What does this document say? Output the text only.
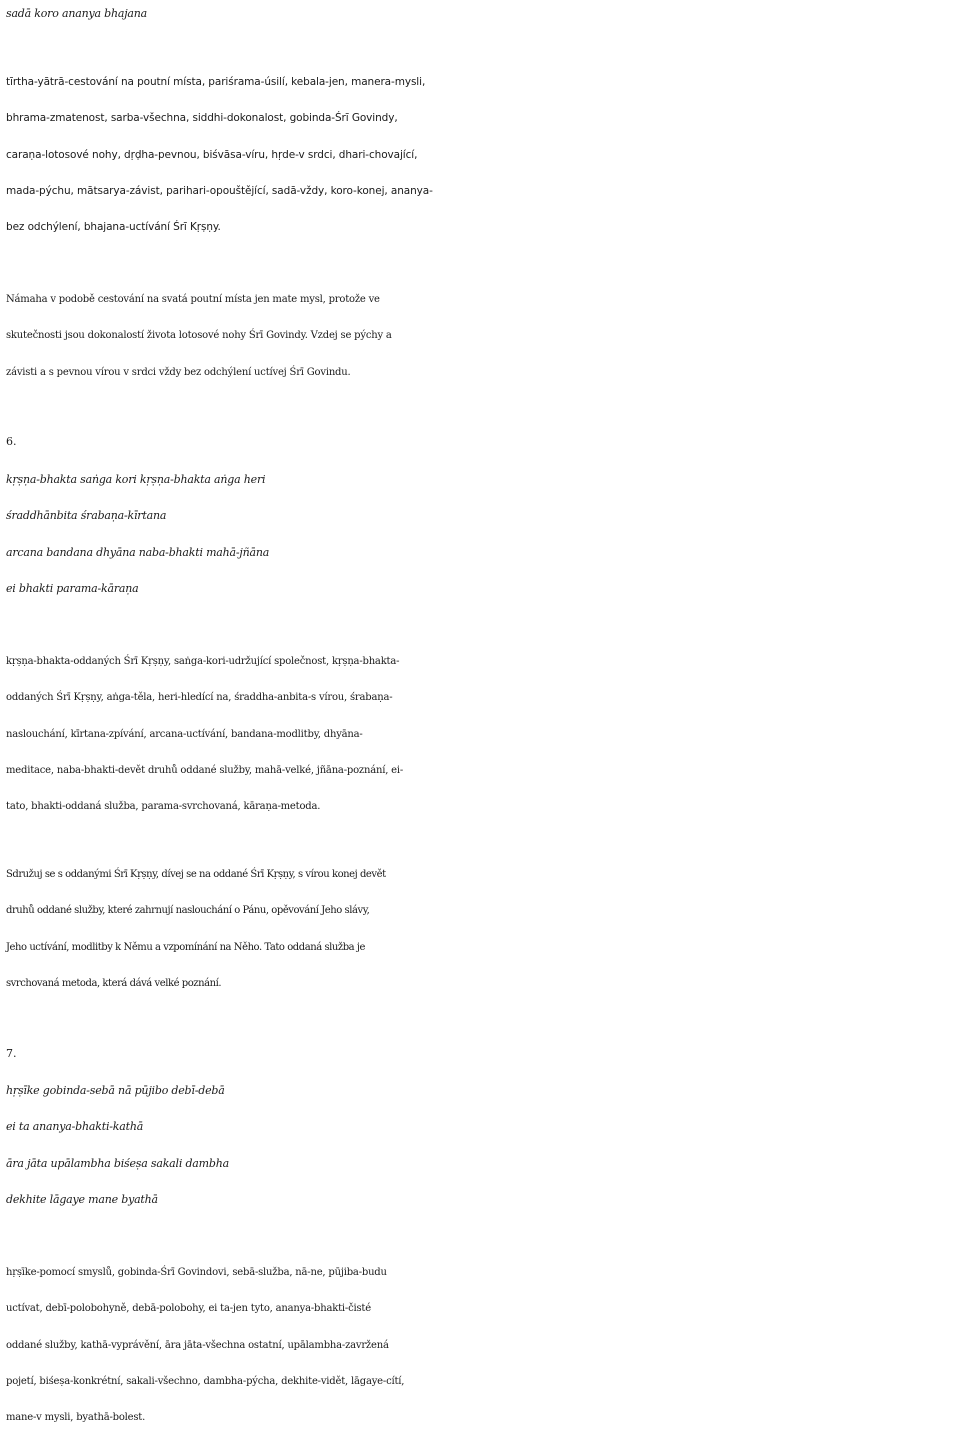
sadā koro ananya bhajana
tīrtha-yātrā-cestování na poutní místa, pariśrama-úsilí, kebala-jen, manera-mysli,
bhrama-zmatenost, sarba-všechna, siddhi-dokonalost, gobinda-Śrī Govindy,
caraṇa-lotosové nohy, dṛḍha-pevnou, biśvāsa-víru, hṛde-v srdci, dhari-chovající,
mada-pýchu, mātsarya-závist, parihari-opouštějící, sadā-vždy, koro-konej, ananya-
bez odchýlení, bhajana-uctívání Śrī Kṛṣṇy.
Námaha v podobě cestování na svatá poutní místa jen mate mysl, protože ve
skutečnosti jsou dokonalostí života lotosové nohy Śrī Govindy. Vzdej se pýchy a
závisti a s pevnou vírou v srdci vždy bez odchýlení uctívej Śrī Govindu.
6.
kṛṣṇa-bhakta saṅga kori kṛṣṇa-bhakta aṅga heri
śraddhānbita śrabaṇa-kīrtana
arcana bandana dhyāna naba-bhakti mahā-jñāna
ei bhakti parama-kāraṇa
kṛṣṇa-bhakta-oddaných Śrī Kṛṣṇy, saṅga-kori-udržující společnost, kṛṣṇa-bhakta-
oddaných Śrī Kṛṣṇy, aṅga-těla, heri-hledící na, śraddha-anbita-s vírou, śrabaṇa-
naslouchání, kīrtana-zpívání, arcana-uctívání, bandana-modlitby, dhyāna-
meditace, naba-bhakti-devět druhů oddané služby, mahā-velké, jñāna-poznání, ei-
tato, bhakti-oddaná služba, parama-svrchovaná, kāraṇa-metoda.
Sdružuj se s oddanými Śrī Kṛṣṇy, dívej se na oddané Śrī Kṛṣṇy, s vírou konej devět
druhů oddané služby, které zahrnují naslouchání o Pánu, opěvování Jeho slávy,
Jeho uctívání, modlitby k Němu a vzpomínání na Něho. Tato oddaná služba je
svrchovaná metoda, která dává velké poznání.
7.
hṛṣīke gobinda-sebā nā pūjibo debī-debā
ei ta ananya-bhakti-kathā
āra jāta upālambha biśeṣa sakali dambha
dekhite lāgaye mane byathā
hṛṣīke-pomocí smyslů, gobinda-Śrī Govindovi, sebā-služba, nā-ne, pūjiba-budu
uctívat, debī-polobohyně, debā-polobohy, ei ta-jen tyto, ananya-bhakti-čisté
oddané služby, kathā-vyprávění, āra jāta-všechna ostatní, upālambha-zavržená
pojetí, biśeṣa-konkrétní, sakali-všechno, dambha-pýcha, dekhite-vidět, lāgaye-cítí,
mane-v mysli, byathā-bolest.
